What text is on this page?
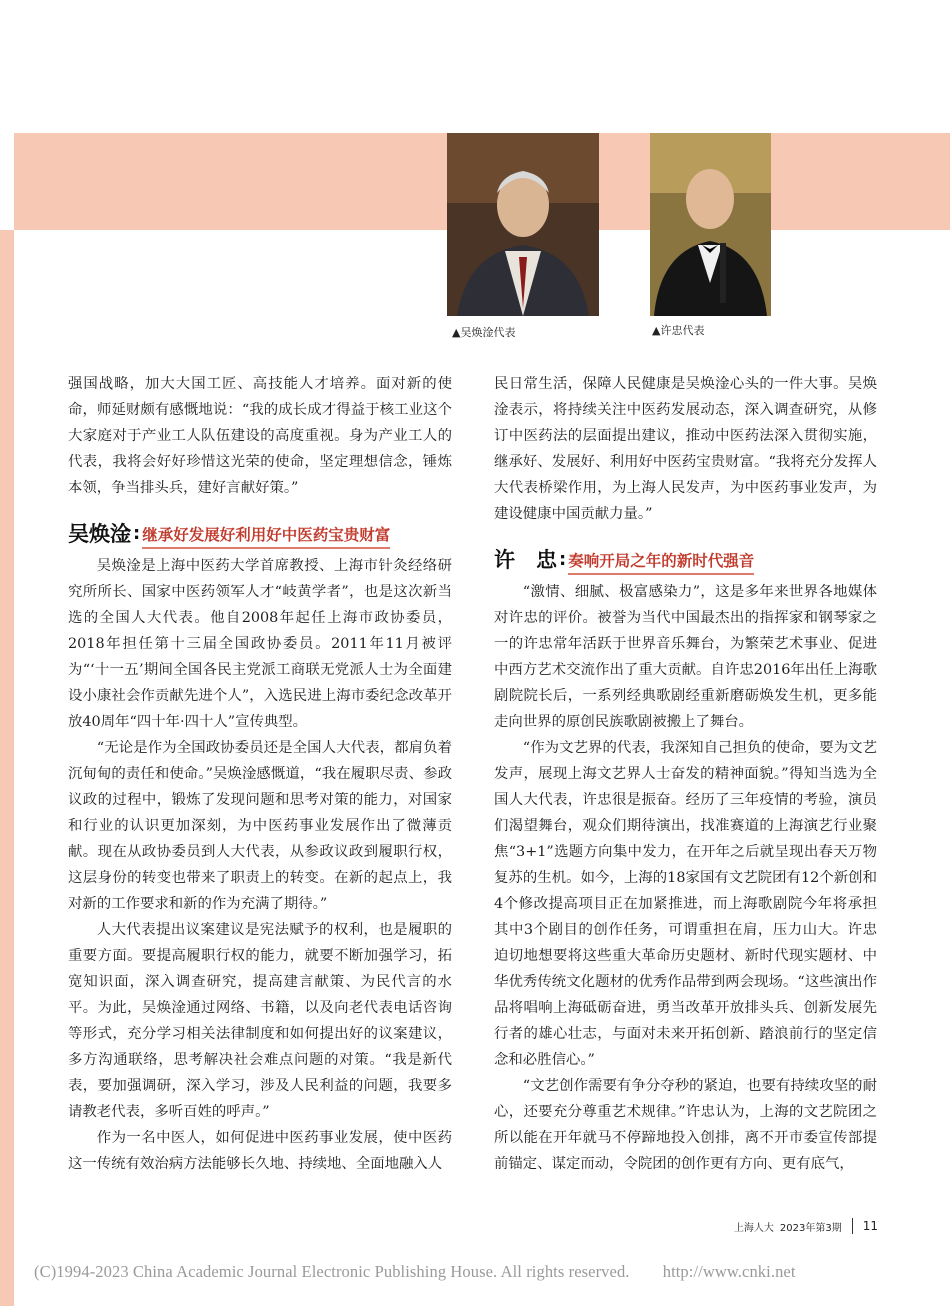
▲吴焕淦代表	▲许忠代表

强国战略，加大大国工匠、高技能人才培养。面对新的使命，师延财颇有感慨地说：“我的成长成才得益于核工业这个大家庭对于产业工人队伍建设的高度重视。身为产业工人的代表，我将会好好珍惜这光荣的使命，坚定理想信念，锤炼本领，争当排头兵，建好言献好策。”

吴焕淦 : 继承好发展好利用好中医药宝贵财富

吴焕淦是上海中医药大学首席教授、上海市针灸经络研究所所长、国家中医药领军人才“岐黄学者”，也是这次新当选的全国人大代表。他自2008年起任上海市政协委员，2018年担任第十三届全国政协委员。2011年11月被评为“‘十一五’期间全国各民主党派工商联无党派人士为全面建设小康社会作贡献先进个人”，入选民进上海市委纪念改革开放40周年“四十年·四十人”宣传典型。

“无论是作为全国政协委员还是全国人大代表，都肩负着沉甸甸的责任和使命。”吴焕淦感慨道，“我在履职尽责、参政议政的过程中，锻炼了发现问题和思考对策的能力，对国家和行业的认识更加深刻，为中医药事业发展作出了微薄贡献。现在从政协委员到人大代表，从参政议政到履职行权，这层身份的转变也带来了职责上的转变。在新的起点上，我对新的工作要求和新的作为充满了期待。”

人大代表提出议案建议是宪法赋予的权利，也是履职的重要方面。要提高履职行权的能力，就要不断加强学习，拓宽知识面，深入调查研究，提高建言献策、为民代言的水平。为此，吴焕淦通过网络、书籍，以及向老代表电话咨询等形式，充分学习相关法律制度和如何提出好的议案建议，多方沟通联络，思考解决社会难点问题的对策。“我是新代表，要加强调研，深入学习，涉及人民利益的问题，我要多请教老代表，多听百姓的呼声。”

作为一名中医人，如何促进中医药事业发展，使中医药这一传统有效治病方法能够长久地、持续地、全面地融入人

民日常生活，保障人民健康是吴焕淦心头的一件大事。吴焕淦表示，将持续关注中医药发展动态，深入调查研究，从修订中医药法的层面提出建议，推动中医药法深入贯彻实施，继承好、发展好、利用好中医药宝贵财富。“我将充分发挥人大代表桥梁作用，为上海人民发声，为中医药事业发声，为建设健康中国贡献力量。”

许　忠 : 奏响开局之年的新时代强音

“激情、细腻、极富感染力”，这是多年来世界各地媒体对许忠的评价。被誉为当代中国最杰出的指挥家和钢琴家之一的许忠常年活跃于世界音乐舞台，为繁荣艺术事业、促进中西方艺术交流作出了重大贡献。自许忠2016年出任上海歌剧院院长后，一系列经典歌剧经重新磨砺焕发生机，更多能走向世界的原创民族歌剧被搬上了舞台。

“作为文艺界的代表，我深知自己担负的使命，要为文艺发声，展现上海文艺界人士奋发的精神面貌。”得知当选为全国人大代表，许忠很是振奋。经历了三年疫情的考验，演员们渴望舞台，观众们期待演出，找准赛道的上海演艺行业聚焦“3+1”选题方向集中发力，在开年之后就呈现出春天万物复苏的生机。如今，上海的18家国有文艺院团有12个新创和4个修改提高项目正在加紧推进，而上海歌剧院今年将承担其中3个剧目的创作任务，可谓重担在肩，压力山大。许忠迫切地想要将这些重大革命历史题材、新时代现实题材、中华优秀传统文化题材的优秀作品带到两会现场。“这些演出作品将唱响上海砥砺奋进，勇当改革开放排头兵、创新发展先行者的雄心壮志，与面对未来开拓创新、踏浪前行的坚定信念和必胜信心。”

“文艺创作需要有争分夺秒的紧迫，也要有持续攻坚的耐心，还要充分尊重艺术规律。”许忠认为，上海的文艺院团之所以能在开年就马不停蹄地投入创排，离不开市委宣传部提前锚定、谋定而动，令院团的创作更有方向、更有底气，

上海人大 2023年第3期 11
(C)1994-2023 China Academic Journal Electronic Publishing House. All rights reserved.　　http://www.cnki.net
